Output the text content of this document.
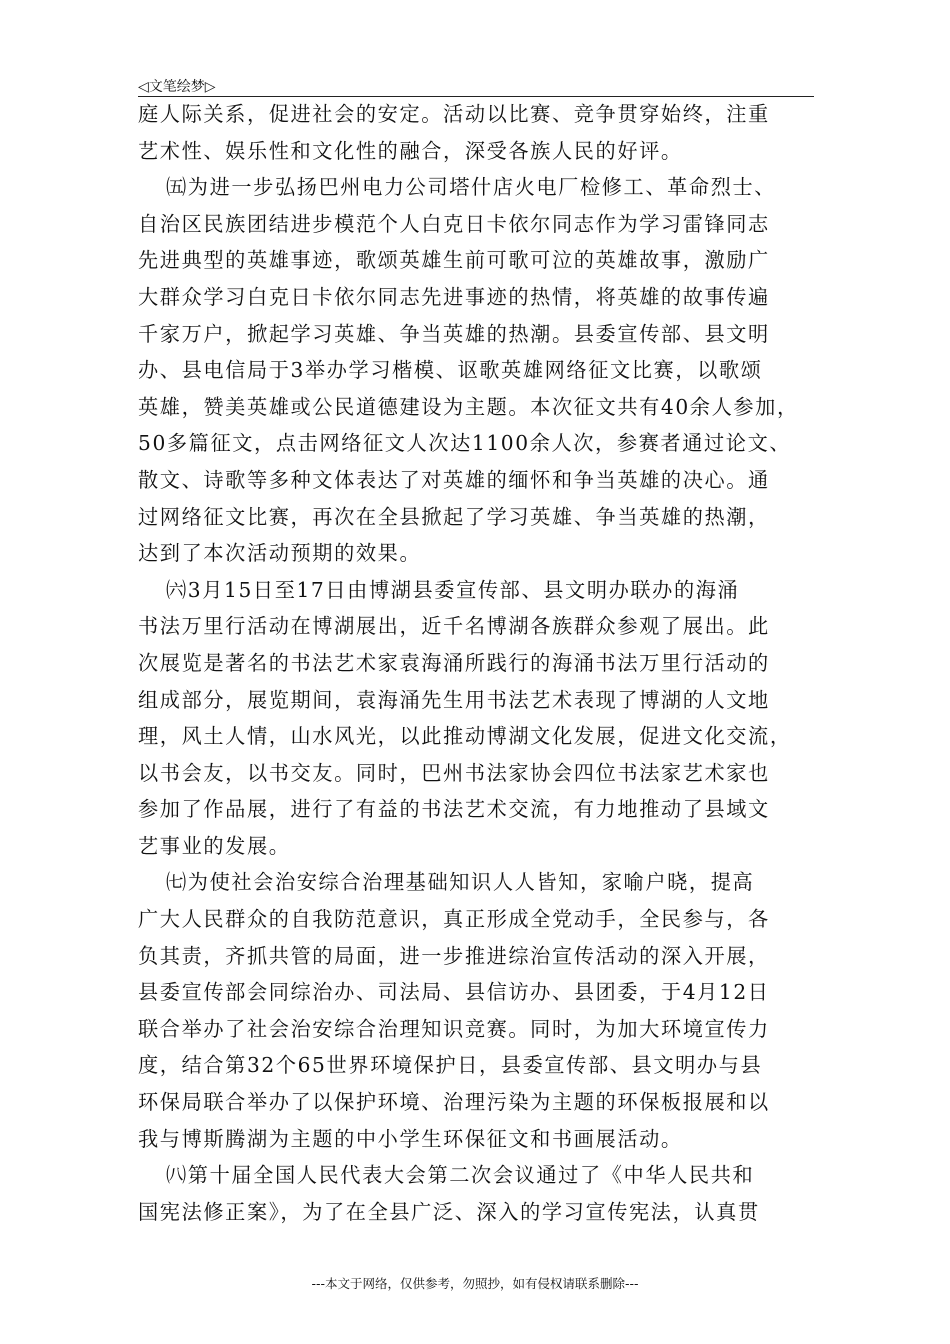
◁文笔绘梦▷
庭人际关系，促进社会的安定。活动以比赛、竞争贯穿始终，注重
艺术性、娱乐性和文化性的融合，深受各族人民的好评。
㈤为进一步弘扬巴州电力公司塔什店火电厂检修工、革命烈士、
自治区民族团结进步模范个人白克日卡依尔同志作为学习雷锋同志
先进典型的英雄事迹，歌颂英雄生前可歌可泣的英雄故事，激励广
大群众学习白克日卡依尔同志先进事迹的热情，将英雄的故事传遍
千家万户，掀起学习英雄、争当英雄的热潮。县委宣传部、县文明
办、县电信局于3举办学习楷模、讴歌英雄网络征文比赛，以歌颂
英雄，赞美英雄或公民道德建设为主题。本次征文共有40余人参加，
50多篇征文，点击网络征文人次达1100余人次，参赛者通过论文、
散文、诗歌等多种文体表达了对英雄的缅怀和争当英雄的决心。通
过网络征文比赛，再次在全县掀起了学习英雄、争当英雄的热潮，
达到了本次活动预期的效果。
㈥3月15日至17日由博湖县委宣传部、县文明办联办的海涌
书法万里行活动在博湖展出，近千名博湖各族群众参观了展出。此
次展览是著名的书法艺术家袁海涌所践行的海涌书法万里行活动的
组成部分，展览期间，袁海涌先生用书法艺术表现了博湖的人文地
理，风土人情，山水风光，以此推动博湖文化发展，促进文化交流，
以书会友，以书交友。同时，巴州书法家协会四位书法家艺术家也
参加了作品展，进行了有益的书法艺术交流，有力地推动了县域文
艺事业的发展。
㈦为使社会治安综合治理基础知识人人皆知，家喻户晓，提高
广大人民群众的自我防范意识，真正形成全党动手，全民参与，各
负其责，齐抓共管的局面，进一步推进综治宣传活动的深入开展，
县委宣传部会同综治办、司法局、县信访办、县团委，于4月12日
联合举办了社会治安综合治理知识竞赛。同时，为加大环境宣传力
度，结合第32个65世界环境保护日，县委宣传部、县文明办与县
环保局联合举办了以保护环境、治理污染为主题的环保板报展和以
我与博斯腾湖为主题的中小学生环保征文和书画展活动。
㈧第十届全国人民代表大会第二次会议通过了《中华人民共和
国宪法修正案》，为了在全县广泛、深入的学习宣传宪法，认真贯
---本文于网络，仅供参考，勿照抄，如有侵权请联系删除---
